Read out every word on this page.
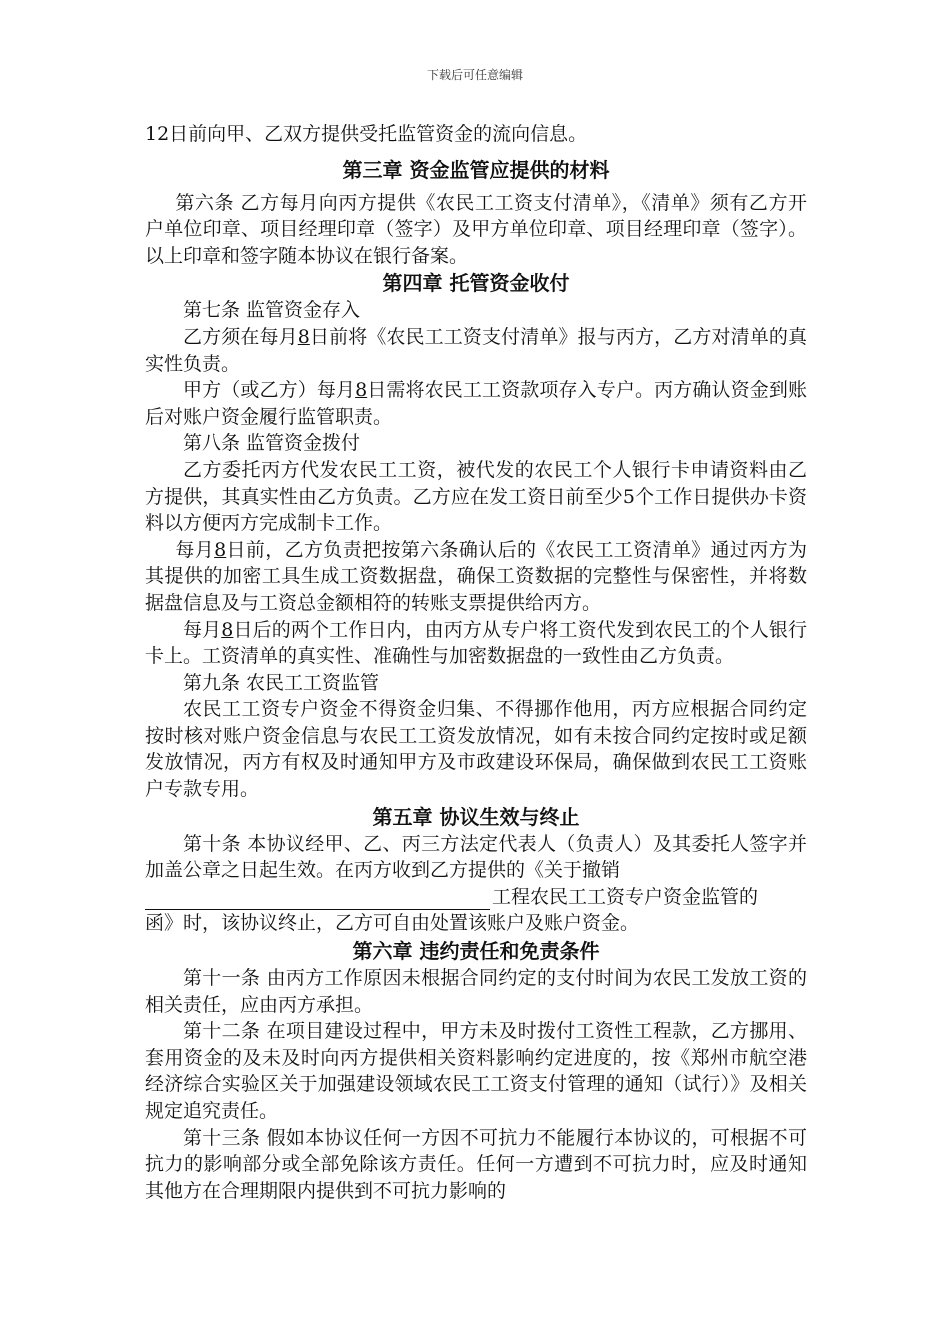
下载后可任意编辑

12日前向甲、乙双方提供受托监管资金的流向信息。

第三章 资金监管应提供的材料

第六条 乙方每月向丙方提供《农民工工资支付清单》，《清单》须有乙方开户单位印章、项目经理印章（签字）及甲方单位印章、项目经理印章（签字）。以上印章和签字随本协议在银行备案。

第四章 托管资金收付

第七条 监管资金存入

乙方须在每月8日前将《农民工工资支付清单》报与丙方，乙方对清单的真实性负责。

甲方（或乙方）每月8日需将农民工工资款项存入专户。丙方确认资金到账后对账户资金履行监管职责。

第八条 监管资金拨付

乙方委托丙方代发农民工工资，被代发的农民工个人银行卡申请资料由乙方提供，其真实性由乙方负责。乙方应在发工资日前至少5个工作日提供办卡资料以方便丙方完成制卡工作。

每月8日前，乙方负责把按第六条确认后的《农民工工资清单》通过丙方为其提供的加密工具生成工资数据盘，确保工资数据的完整性与保密性，并将数据盘信息及与工资总金额相符的转账支票提供给丙方。

每月8日后的两个工作日内，由丙方从专户将工资代发到农民工的个人银行卡上。工资清单的真实性、准确性与加密数据盘的一致性由乙方负责。

第九条 农民工工资监管

农民工工资专户资金不得资金归集、不得挪作他用，丙方应根据合同约定按时核对账户资金信息与农民工工资发放情况，如有未按合同约定按时或足额发放情况，丙方有权及时通知甲方及市政建设环保局，确保做到农民工工资账户专款专用。

第五章 协议生效与终止

第十条 本协议经甲、乙、丙三方法定代表人（负责人）及其委托人签字并加盖公章之日起生效。在丙方收到乙方提供的《关于撤销

工程农民工工资专户资金监管的

函》时，该协议终止，乙方可自由处置该账户及账户资金。

第六章 违约责任和免责条件

第十一条 由丙方工作原因未根据合同约定的支付时间为农民工发放工资的相关责任，应由丙方承担。

第十二条 在项目建设过程中，甲方未及时拨付工资性工程款，乙方挪用、套用资金的及未及时向丙方提供相关资料影响约定进度的，按《郑州市航空港经济综合实验区关于加强建设领域农民工工资支付管理的通知（试行）》及相关规定追究责任。

第十三条 假如本协议任何一方因不可抗力不能履行本协议的，可根据不可抗力的影响部分或全部免除该方责任。任何一方遭到不可抗力时，应及时通知其他方在合理期限内提供到不可抗力影响的
